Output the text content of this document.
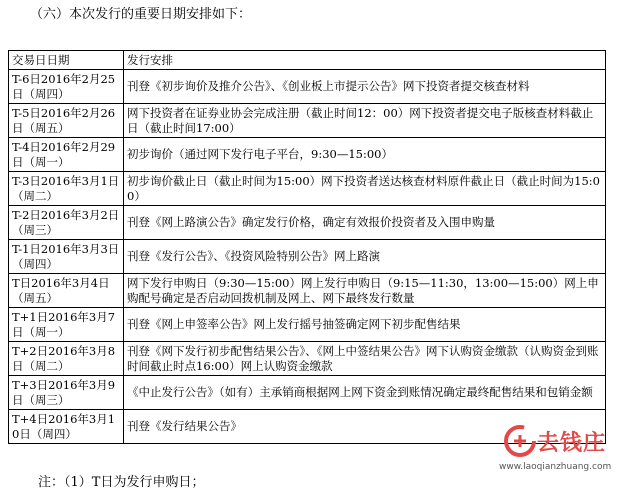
（六）本次发行的重要日期安排如下：
交易日日期	发行安排
T-6日2016年2月25日（周四）	刊登《初步询价及推介公告》、《创业板上市提示公告》网下投资者提交核查材料
T-5日2016年2月26日（周五）	网下投资者在证券业协会完成注册（截止时间12：00）网下投资者提交电子版核查材料截止日（截止时间17:00）
T-4日2016年2月29日（周一）	初步询价（通过网下发行电子平台，9:30—15:00）
T-3日2016年3月1日（周二）	初步询价截止日（截止时间为15:00）网下投资者送达核查材料原件截止日（截止时间为15:00）
T-2日2016年3月2日（周三）	刊登《网上路演公告》确定发行价格，确定有效报价投资者及入围申购量
T-1日2016年3月3日（周四）	刊登《发行公告》、《投资风险特别公告》网上路演
T日2016年3月4日（周五）	网下发行申购日（9:30—15:00）网上发行申购日（9:15—11:30，13:00—15:00）网上申购配号确定是否启动回拨机制及网上、网下最终发行数量
T+1日2016年3月7日（周一）	刊登《网上申签率公告》网上发行摇号抽签确定网下初步配售结果
T+2日2016年3月8日（周二）	刊登《网下发行初步配售结果公告》、《网上中签结果公告》网下认购资金缴款（认购资金到账时间截止时点16:00）网上认购资金缴款
T+3日2016年3月9日（周三）	《中止发行公告》（如有）主承销商根据网上网下资金到账情况确定最终配售结果和包销金额
T+4日2016年3月10日（周四）	刊登《发行结果公告》
注：（1）T日为发行申购日；
去钱庄
www.laoqianzhuang.com
